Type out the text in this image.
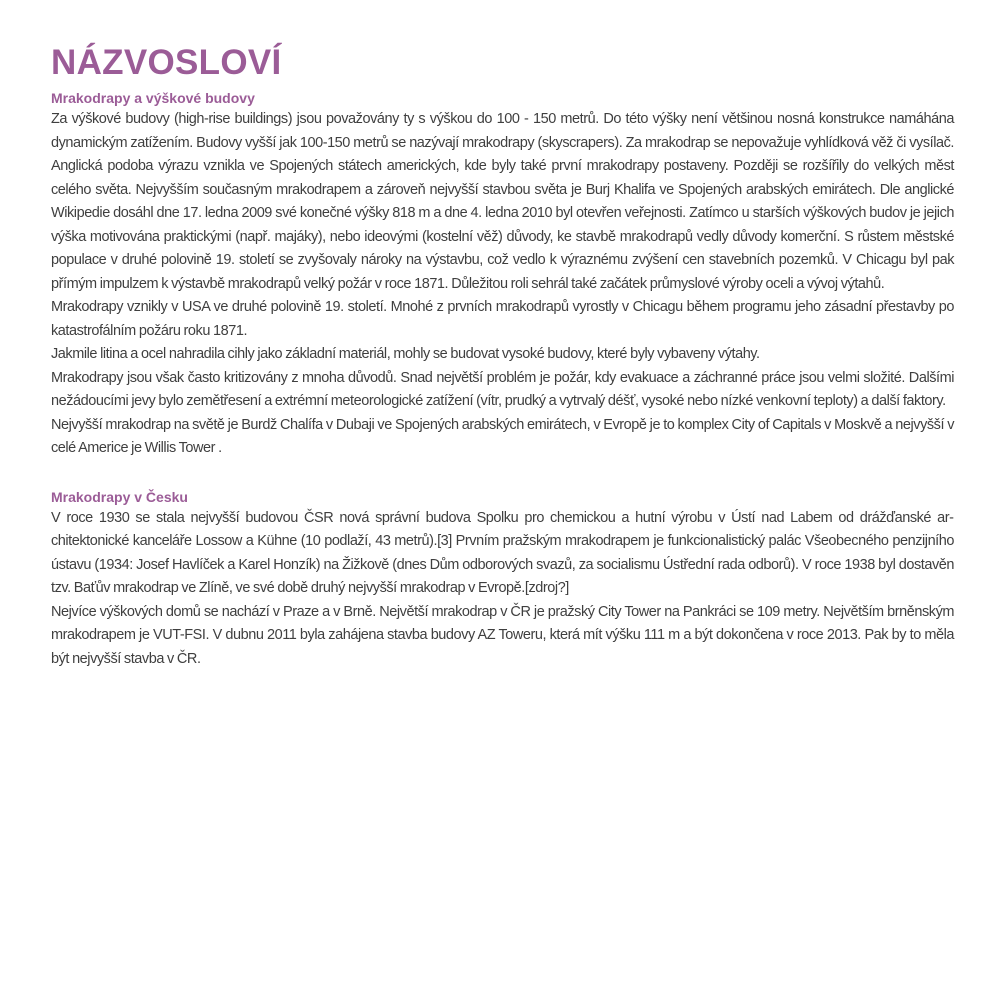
NÁZVOSLOVÍ
Mrakodrapy a výškové budovy

Za výškové budovy (high-rise buildings) jsou považovány ty s výškou do 100 - 150 metrů. Do této výšky není většinou nosná konstrukce namáhána dynamickým zatížením. Budovy vyšší jak 100-150 metrů se nazývají mrakodrapy (skyscrapers). Za mrakodrap se nepovažuje vyhlídková věž či vysílač. Anglická podoba výrazu vznikla ve Spojených státech amerických, kde byly také první mrakodrapy postaveny. Později se rozšířily do velkých měst celého světa. Nejvyšším současným mrakodrapem a zároveň nejvyšší stavbou světa je Burj Khalifa ve Spojených arabských emirátech. Dle anglické Wikipedie dosáhl dne 17. ledna 2009 své konečné výšky 818 m a dne 4. ledna 2010 byl otevřen veřejnosti. Zatímco u starších výškových budov je jejich výška motivována praktickými (např. majáky), nebo ideovými (kostelní věž) důvody, ke stavbě mrakodrapů vedly důvody komerční. S růstem městské populace v druhé polovině 19. století se zvyšovaly nároky na výstavbu, což vedlo k výraznému zvýšení cen stavebních pozemků. V Chicagu byl pak přímým impulzem k výstavbě mrakodrapů velký požár v roce 1871. Důležitou roli sehrál také začátek průmyslové výroby oceli a vývoj výtahů.

Mrakodrapy vznikly v USA ve druhé polovině 19. století. Mnohé z prvních mrakodrapů vyrostly v Chicagu během programu jeho zásadní přestavby po katastrofálním požáru roku 1871.

Jakmile litina a ocel nahradila cihly jako základní materiál, mohly se budovat vysoké budovy, které byly vybaveny výtahy.

Mrakodrapy jsou však často kritizovány z mnoha důvodů. Snad největší problém je požár, kdy evakuace a záchranné práce jsou velmi složité. Dalšími nežádoucími jevy bylo zemětřesení a extrémní meteorologické zatížení (vítr, prudký a vytrvalý déšť, vysoké nebo nízké venkovní teploty) a další faktory.

Nejvyšší mrakodrap na světě je Burdž Chalífa v Dubaji ve Spojených arabských emirátech, v Evropě je to komplex City of Capitals v Moskvě a nejvyšší v celé Americe je Willis Tower .

Mrakodrapy v Česku

V roce 1930 se stala nejvyšší budovou ČSR nová správní budova Spolku pro chemickou a hutní výrobu v Ústí nad Labem od drážďanské architektonické kanceláře Lossow a Kühne (10 podlaží, 43 metrů).[3] Prvním pražským mrakodrapem je funkcionalistický palác Všeobecného penzijního ústavu (1934: Josef Havlíček a Karel Honzík) na Žižkově (dnes Dům odborových svazů, za socialismu Ústřední rada odborů). V roce 1938 byl dostavěn tzv. Baťův mrakodrap ve Zlíně, ve své době druhý nejvyšší mrakodrap v Evropě.[zdroj?]

Nejvíce výškových domů se nachází v Praze a v Brně. Největší mrakodrap v ČR je pražský City Tower na Pankráci se 109 metry. Největším brněnským mrakodrapem je VUT-FSI. V dubnu 2011 byla zahájena stavba budovy AZ Toweru, která mít výšku 111 m a být dokončena v roce 2013. Pak by to měla být nejvyšší stavba v ČR.
